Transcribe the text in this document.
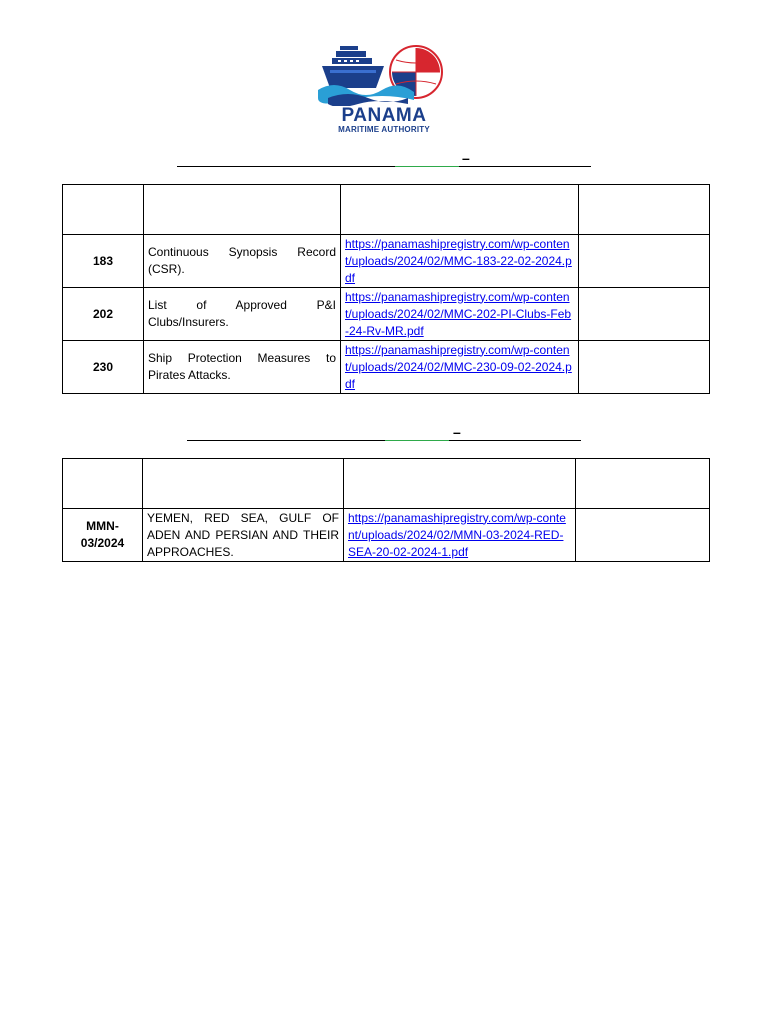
PANAMA
MARITIME AUTHORITY
–

183	Continuous Synopsis Record (CSR).	https://panamashipregistry.com/wp-content/uploads/2024/02/MMC-183-22-02-2024.pdf	
202	List of Approved P&I Clubs/Insurers.	https://panamashipregistry.com/wp-content/uploads/2024/02/MMC-202-PI-Clubs-Feb-24-Rv-MR.pdf	
230	Ship Protection Measures to Pirates Attacks.	https://panamashipregistry.com/wp-content/uploads/2024/02/MMC-230-09-02-2024.pdf	
–

MMN-03/2024	YEMEN, RED SEA, GULF OF ADEN AND PERSIAN AND THEIR APPROACHES.	https://panamashipregistry.com/wp-content/uploads/2024/02/MMN-03-2024-RED-SEA-20-02-2024-1.pdf	
